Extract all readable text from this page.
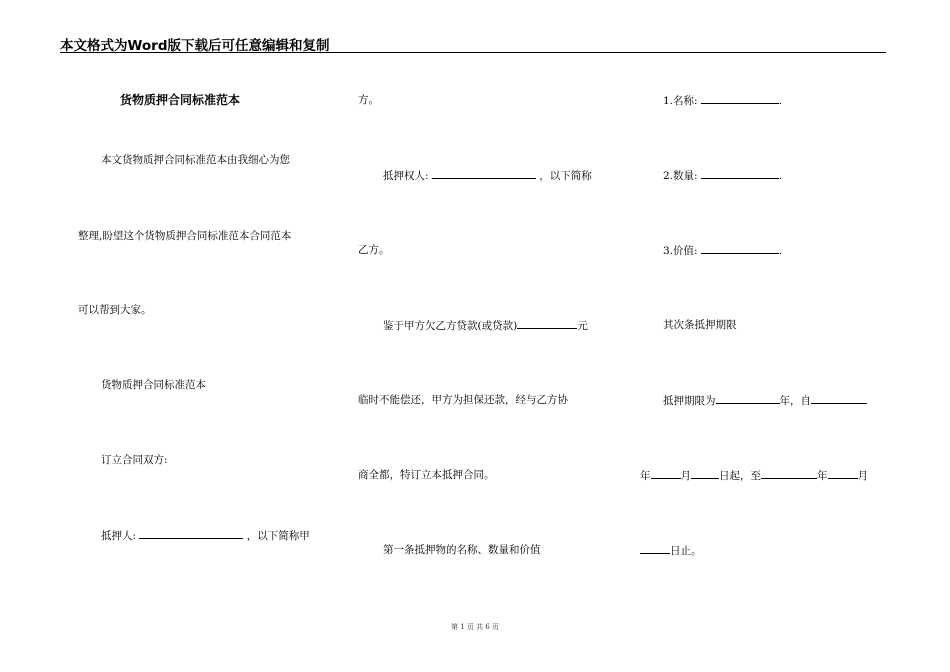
本文格式为Word版下载后可任意编辑和复制
货物质押合同标准范本
本文货物质押合同标准范本由我细心为您
整理,盼望这个货物质押合同标准范本合同范本
可以帮到大家。
货物质押合同标准范本
订立合同双方:
抵押人:	，以下简称甲
方。
抵押权人:	，以下简称
乙方。
鉴于甲方欠乙方贷款(或贷款)	元
临时不能偿还，甲方为担保还款，经与乙方协
商全都，特订立本抵押合同。
第一条抵押物的名称、数量和价值
1.名称:	.
2.数量:	.
3.价值:	.
其次条抵押期限
抵押期限为	年，自
年	月	日起，至	年	月
日止。
第 1 页 共 6 页
